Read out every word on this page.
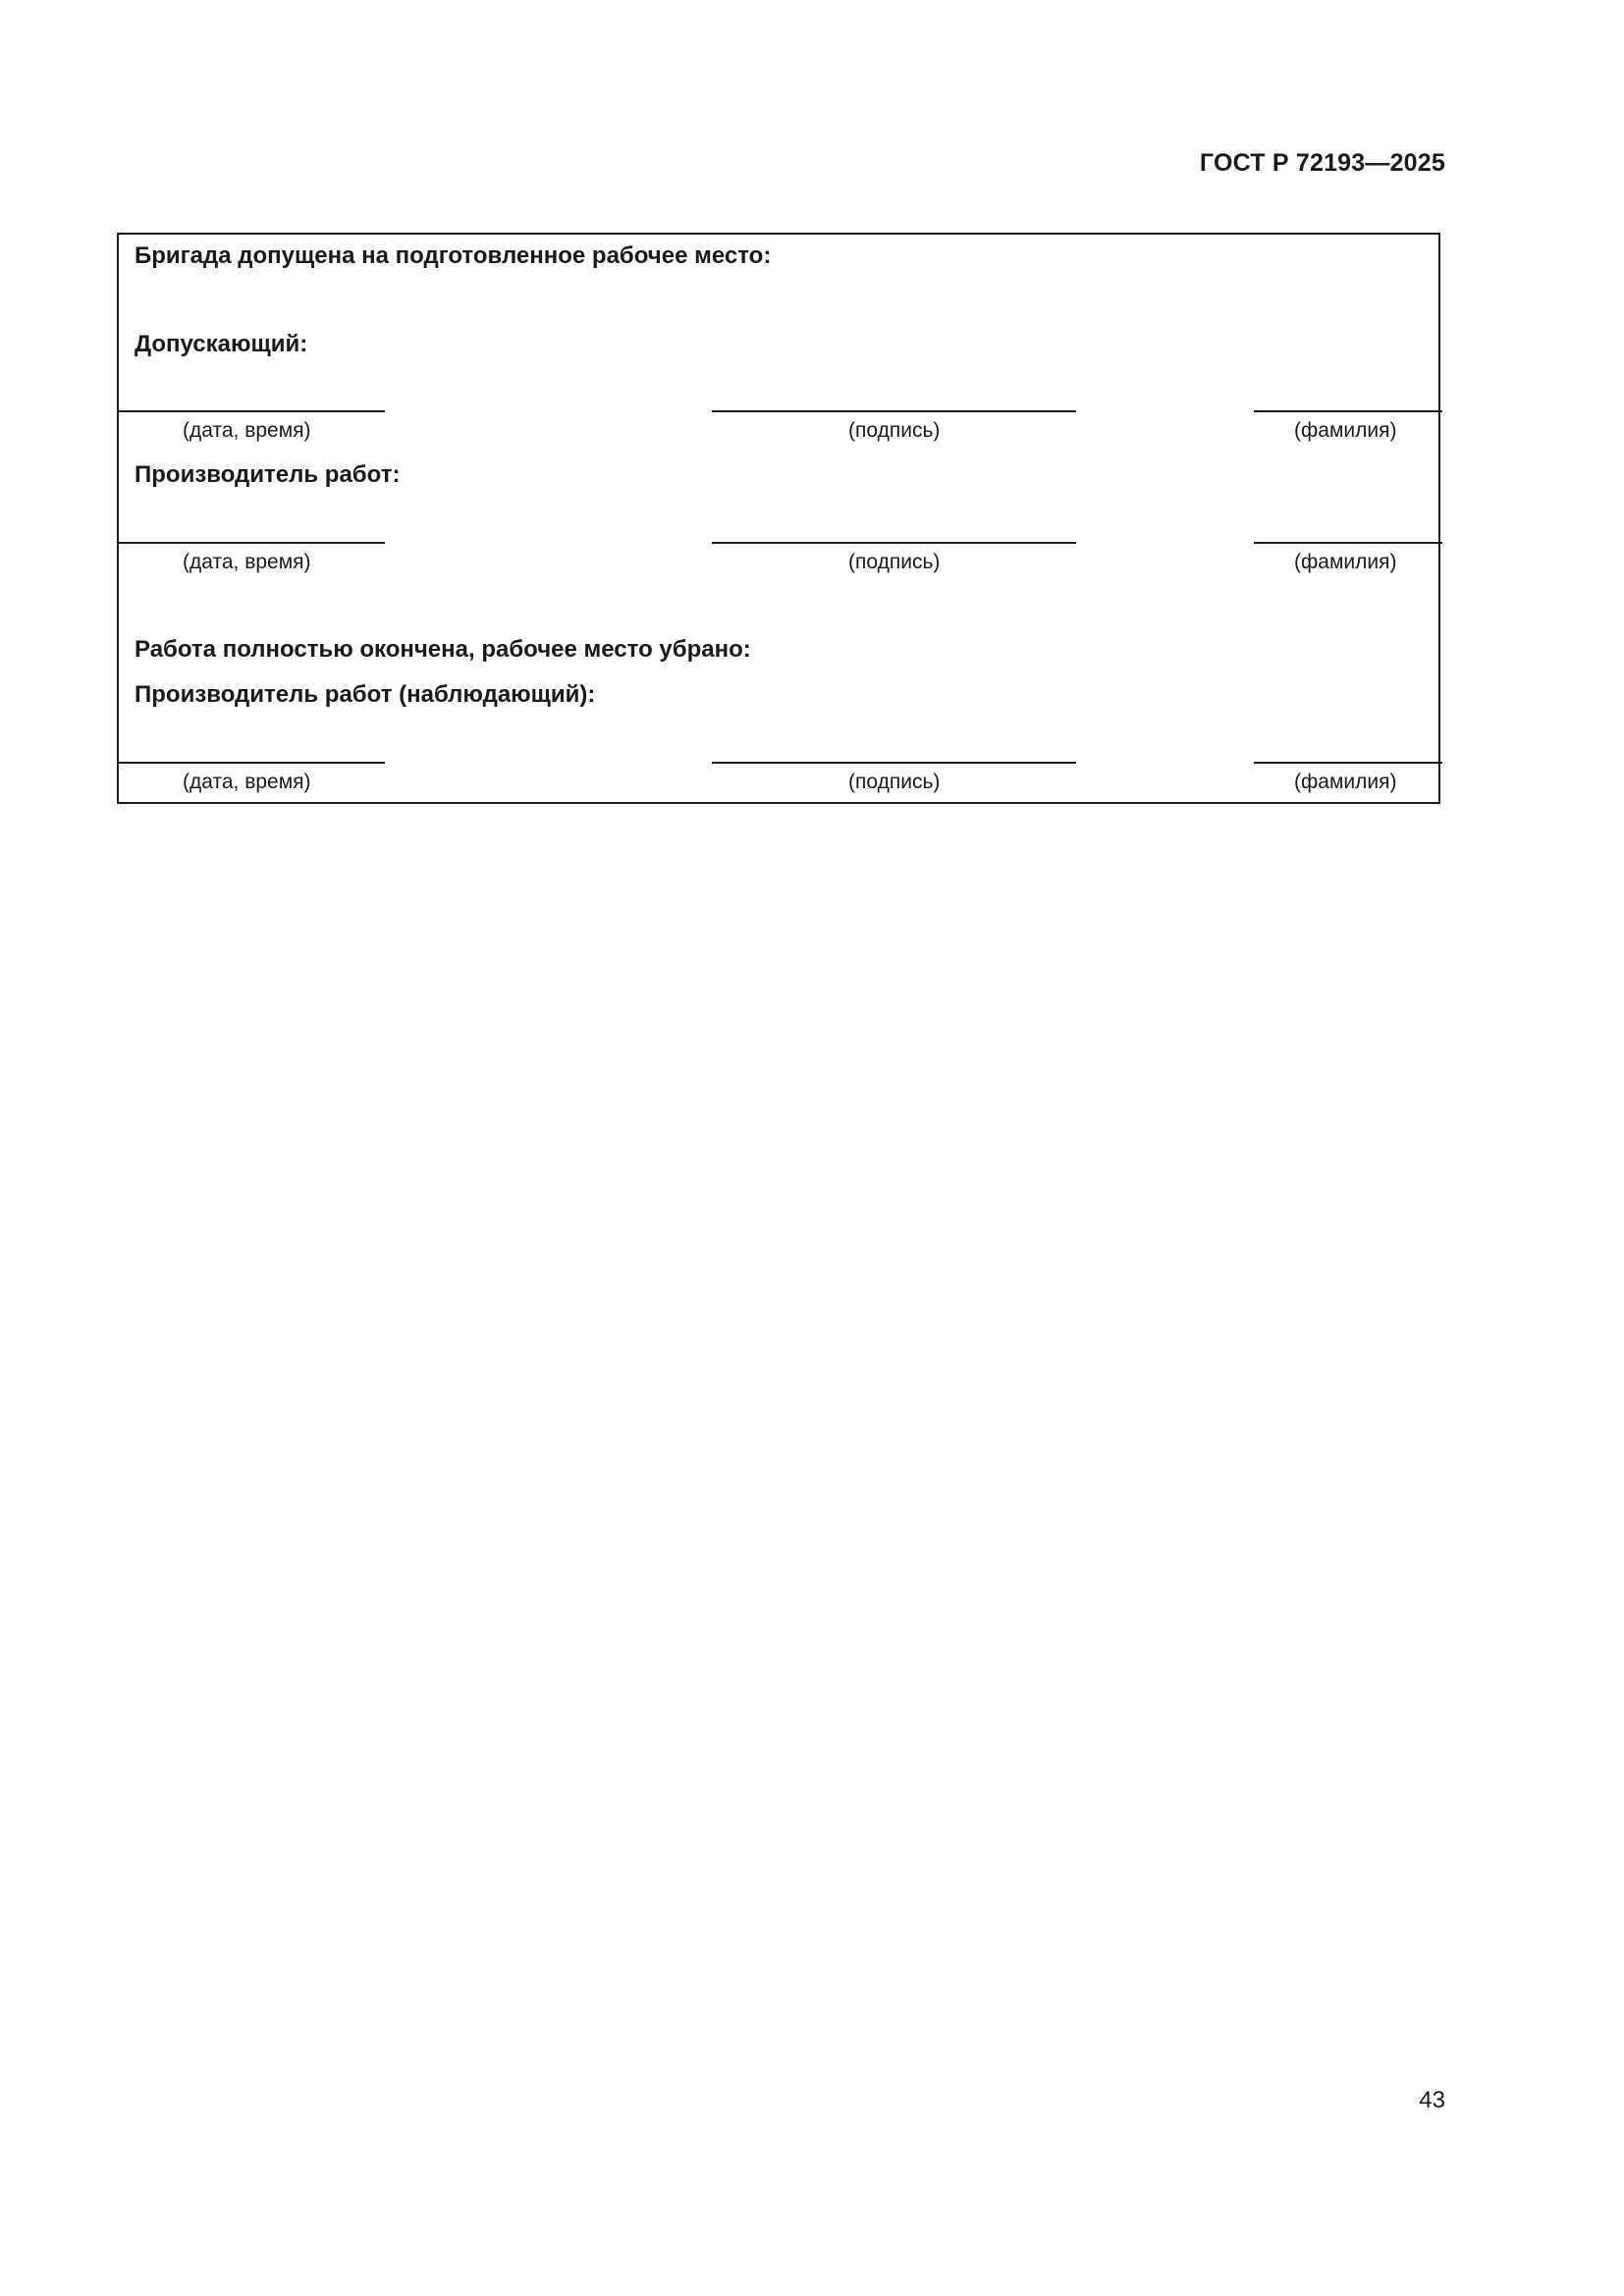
ГОСТ Р 72193—2025
Бригада допущена на подготовленное рабочее место:
Допускающий:
(дата, время)	(подпись)	(фамилия)
Производитель работ:
(дата, время)	(подпись)	(фамилия)
Работа полностью окончена, рабочее место убрано:
Производитель работ (наблюдающий):
(дата, время)	(подпись)	(фамилия)
43
